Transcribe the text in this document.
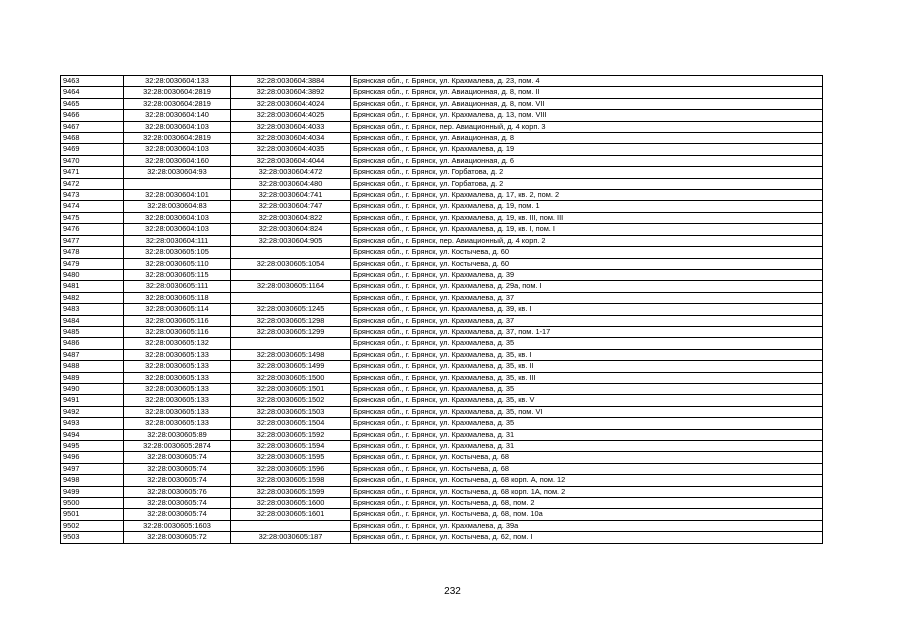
9463	32:28:0030604:133	32:28:0030604:3884	Брянская обл., г. Брянск, ул. Крахмалева, д. 23, пом. 4
9464	32:28:0030604:2819	32:28:0030604:3892	Брянская обл., г. Брянск, ул. Авиационная, д. 8, пом. II
9465	32:28:0030604:2819	32:28:0030604:4024	Брянская обл., г. Брянск, ул. Авиационная, д. 8, пом. VII
9466	32:28:0030604:140	32:28:0030604:4025	Брянская обл., г. Брянск, ул. Крахмалева, д. 13, пом. VIII
9467	32:28:0030604:103	32:28:0030604:4033	Брянская обл., г. Брянск, пер. Авиационный, д. 4 корп. 3
9468	32:28:0030604:2819	32:28:0030604:4034	Брянская обл., г. Брянск, ул. Авиационная, д. 8
9469	32:28:0030604:103	32:28:0030604:4035	Брянская обл., г. Брянск, ул. Крахмалева, д. 19
9470	32:28:0030604:160	32:28:0030604:4044	Брянская обл., г. Брянск, ул. Авиационная, д. 6
9471	32:28:0030604:93	32:28:0030604:472	Брянская обл., г. Брянск, ул. Горбатова, д. 2
9472		32:28:0030604:480	Брянская обл., г. Брянск, ул. Горбатова, д. 2
9473	32:28:0030604:101	32:28:0030604:741	Брянская обл., г. Брянск, ул. Крахмалева, д. 17, кв. 2, пом. 2
9474	32:28:0030604:83	32:28:0030604:747	Брянская обл., г. Брянск, ул. Крахмалева, д. 19, пом. 1
9475	32:28:0030604:103	32:28:0030604:822	Брянская обл., г. Брянск, ул. Крахмалева, д. 19, кв. III, пом. III
9476	32:28:0030604:103	32:28:0030604:824	Брянская обл., г. Брянск, ул. Крахмалева, д. 19, кв. I, пом. I
9477	32:28:0030604:111	32:28:0030604:905	Брянская обл., г. Брянск, пер. Авиационный, д. 4 корп. 2
9478	32:28:0030605:105		Брянская обл., г. Брянск, ул. Костычева, д. 60
9479	32:28:0030605:110	32:28:0030605:1054	Брянская обл., г. Брянск, ул. Костычева, д. 60
9480	32:28:0030605:115		Брянская обл., г. Брянск, ул. Крахмалева, д. 39
9481	32:28:0030605:111	32:28:0030605:1164	Брянская обл., г. Брянск, ул. Крахмалева, д. 29а, пом. I
9482	32:28:0030605:118		Брянская обл., г. Брянск, ул. Крахмалева, д. 37
9483	32:28:0030605:114	32:28:0030605:1245	Брянская обл., г. Брянск, ул. Крахмалева, д. 39, кв. I
9484	32:28:0030605:116	32:28:0030605:1298	Брянская обл., г. Брянск, ул. Крахмалева, д. 37
9485	32:28:0030605:116	32:28:0030605:1299	Брянская обл., г. Брянск, ул. Крахмалева, д. 37, пом. 1-17
9486	32:28:0030605:132		Брянская обл., г. Брянск, ул. Крахмалева, д. 35
9487	32:28:0030605:133	32:28:0030605:1498	Брянская обл., г. Брянск, ул. Крахмалева, д. 35, кв. I
9488	32:28:0030605:133	32:28:0030605:1499	Брянская обл., г. Брянск, ул. Крахмалева, д. 35, кв. II
9489	32:28:0030605:133	32:28:0030605:1500	Брянская обл., г. Брянск, ул. Крахмалева, д. 35, кв. III
9490	32:28:0030605:133	32:28:0030605:1501	Брянская обл., г. Брянск, ул. Крахмалева, д. 35
9491	32:28:0030605:133	32:28:0030605:1502	Брянская обл., г. Брянск, ул. Крахмалева, д. 35, кв. V
9492	32:28:0030605:133	32:28:0030605:1503	Брянская обл., г. Брянск, ул. Крахмалева, д. 35, пом. VI
9493	32:28:0030605:133	32:28:0030605:1504	Брянская обл., г. Брянск, ул. Крахмалева, д. 35
9494	32:28:0030605:89	32:28:0030605:1592	Брянская обл., г. Брянск, ул. Крахмалева, д. 31
9495	32:28:0030605:2874	32:28:0030605:1594	Брянская обл., г. Брянск, ул. Крахмалева, д. 31
9496	32:28:0030605:74	32:28:0030605:1595	Брянская обл., г. Брянск, ул. Костычева, д. 68
9497	32:28:0030605:74	32:28:0030605:1596	Брянская обл., г. Брянск, ул. Костычева, д. 68
9498	32:28:0030605:74	32:28:0030605:1598	Брянская обл., г. Брянск, ул. Костычева, д. 68 корп. А, пом. 12
9499	32:28:0030605:76	32:28:0030605:1599	Брянская обл., г. Брянск, ул. Костычева, д. 68 корп. 1А, пом. 2
9500	32:28:0030605:74	32:28:0030605:1600	Брянская обл., г. Брянск, ул. Костычева, д. 68, пом. 2
9501	32:28:0030605:74	32:28:0030605:1601	Брянская обл., г. Брянск, ул. Костычева, д. 68, пом. 10а
9502	32:28:0030605:1603		Брянская обл., г. Брянск, ул. Крахмалева, д. 39а
9503	32:28:0030605:72	32:28:0030605:187	Брянская обл., г. Брянск, ул. Костычева, д. 62, пом. I
232
